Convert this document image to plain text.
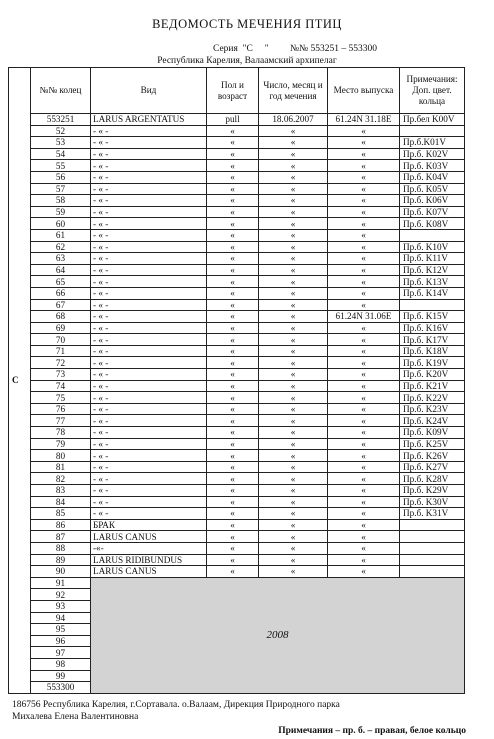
ВЕДОМОСТЬ МЕЧЕНИЯ ПТИЦ
Серия  "С     "         №№ 553251 – 553300
Республика Карелия, Валаамский архипелаг
С	№№ колец	Вид	Пол и возраст	Число, месяц и год мечения	Место выпуска	Примечания: Доп. цвет. кольца
	553251	LARUS ARGENTATUS	pull	18.06.2007	61.24N 31.18E	Пр.бел K00V
	52	- « -	«	«	«	
	53	- « -	«	«	«	Пр.б.K01V
	54	- « -	«	«	«	Пр.б. K02V
	55	- « -	«	«	«	Пр.б. K03V
	56	- « -	«	«	«	Пр.б. K04V
	57	- « -	«	«	«	Пр.б. K05V
	58	- « -	«	«	«	Пр.б. K06V
	59	- « -	«	«	«	Пр.б. K07V
	60	- « -	«	«	«	Пр.б. K08V
	61	- « -	«	«	«	
	62	- « -	«	«	«	Пр.б. K10V
	63	- « -	«	«	«	Пр.б. K11V
	64	- « -	«	«	«	Пр.б. K12V
	65	- « -	«	«	«	Пр.б. K13V
	66	- « -	«	«	«	Пр.б. K14V
	67	- « -	«	«	«	
	68	- « -	«	«	61.24N 31.06E	Пр.б. K15V
	69	- « -	«	«	«	Пр.б. K16V
	70	- « -	«	«	«	Пр.б. K17V
	71	- « -	«	«	«	Пр.б. K18V
	72	- « -	«	«	«	Пр.б. K19V
	73	- « -	«	«	«	Пр.б. K20V
	74	- « -	«	«	«	Пр.б. K21V
	75	- « -	«	«	«	Пр.б. K22V
	76	- « -	«	«	«	Пр.б. K23V
	77	- « -	«	«	«	Пр.б. K24V
	78	- « -	«	«	«	Пр.б. K09V
	79	- « -	«	«	«	Пр.б. K25V
	80	- « -	«	«	«	Пр.б. K26V
	81	- « -	«	«	«	Пр.б. K27V
	82	- « -	«	«	«	Пр.б. K28V
	83	- « -	«	«	«	Пр.б. K29V
	84	- « -	«	«	«	Пр.б. K30V
	85	- « -	«	«	«	Пр.б. K31V
	86	БРАК	«	«	«	
	87	LARUS CANUS	«	«	«	
	88	-«-	«	«	«	
	89	LARUS RIDIBUNDUS	«	«	«	
	90	LARUS CANUS	«	«	«	
	91	2008				
	92					
	93					
	94					
	95					
	96					
	97					
	98					
	99					
	553300					
186756 Республика Карелия, г.Сортавала. о.Валаам, Дирекция Природного парка
Михалева Елена Валентиновна
Примечания – пр. б. – правая, белое кольцо
